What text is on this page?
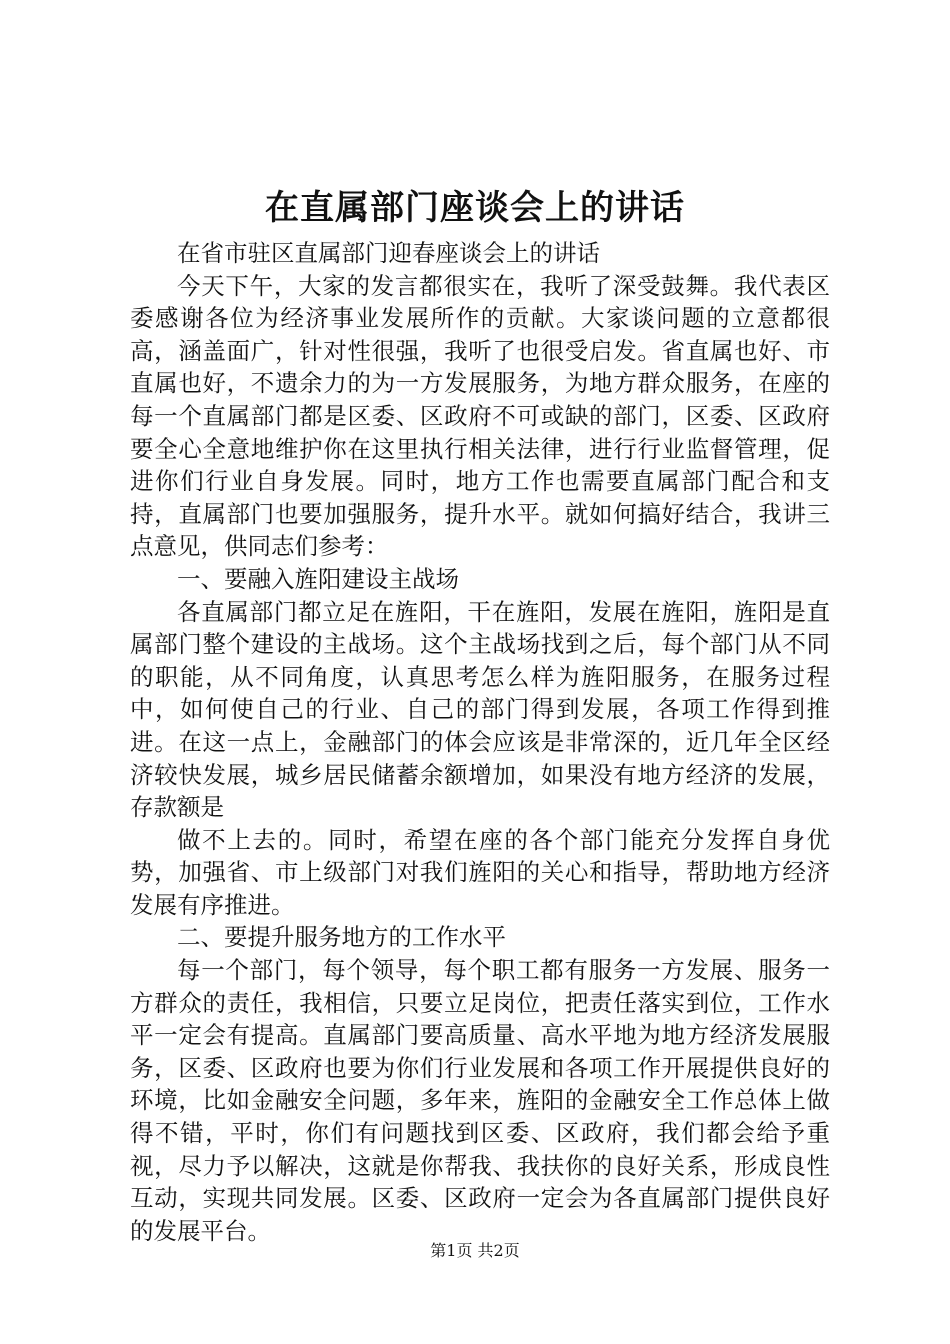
在直属部门座谈会上的讲话

在省市驻区直属部门迎春座谈会上的讲话

今天下午，大家的发言都很实在，我听了深受鼓舞。我代表区委感谢各位为经济事业发展所作的贡献。大家谈问题的立意都很高，涵盖面广，针对性很强，我听了也很受启发。省直属也好、市直属也好，不遗余力的为一方发展服务，为地方群众服务，在座的每一个直属部门都是区委、区政府不可或缺的部门，区委、区政府要全心全意地维护你在这里执行相关法律，进行行业监督管理，促进你们行业自身发展。同时，地方工作也需要直属部门配合和支持，直属部门也要加强服务，提升水平。就如何搞好结合，我讲三点意见，供同志们参考：

一、要融入旌阳建设主战场

各直属部门都立足在旌阳，干在旌阳，发展在旌阳，旌阳是直属部门整个建设的主战场。这个主战场找到之后，每个部门从不同的职能，从不同角度，认真思考怎么样为旌阳服务，在服务过程中，如何使自己的行业、自己的部门得到发展，各项工作得到推进。在这一点上，金融部门的体会应该是非常深的，近几年全区经济较快发展，城乡居民储蓄余额增加，如果没有地方经济的发展，存款额是

做不上去的。同时，希望在座的各个部门能充分发挥自身优势，加强省、市上级部门对我们旌阳的关心和指导，帮助地方经济发展有序推进。

二、要提升服务地方的工作水平

每一个部门，每个领导，每个职工都有服务一方发展、服务一方群众的责任，我相信，只要立足岗位，把责任落实到位，工作水平一定会有提高。直属部门要高质量、高水平地为地方经济发展服务，区委、区政府也要为你们行业发展和各项工作开展提供良好的环境，比如金融安全问题，多年来，旌阳的金融安全工作总体上做得不错，平时，你们有问题找到区委、区政府，我们都会给予重视，尽力予以解决，这就是你帮我、我扶你的良好关系，形成良性互动，实现共同发展。区委、区政府一定会为各直属部门提供良好的发展平台。

第1页 共2页
